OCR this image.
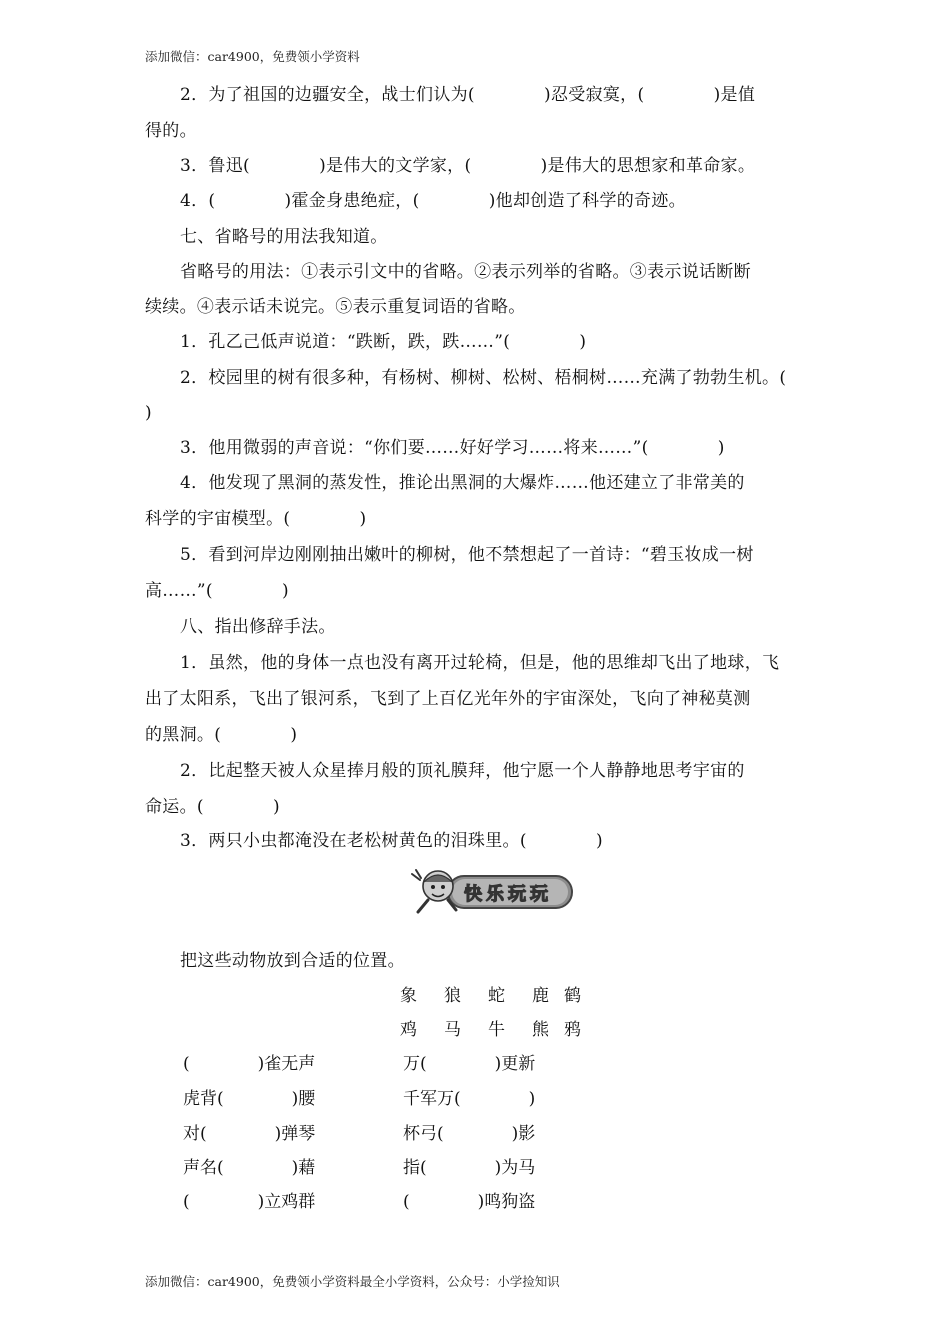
添加微信：car4900，免费领小学资料
2．为了祖国的边疆安全，战士们认为(　　　　)忍受寂寞，(　　　　)是值
得的。
3．鲁迅(　　　　)是伟大的文学家，(　　　　)是伟大的思想家和革命家。
4．(　　　　)霍金身患绝症，(　　　　)他却创造了科学的奇迹。
七、省略号的用法我知道。
省略号的用法：①表示引文中的省略。②表示列举的省略。③表示说话断断
续续。④表示话未说完。⑤表示重复词语的省略。
1．孔乙己低声说道：“跌断，跌，跌……”(　　　　)
2．校园里的树有很多种，有杨树、柳树、松树、梧桐树……充满了勃勃生机。(
)
3．他用微弱的声音说：“你们要……好好学习……将来……”(　　　　)
4．他发现了黑洞的蒸发性，推论出黑洞的大爆炸……他还建立了非常美的
科学的宇宙模型。(　　　　)
5．看到河岸边刚刚抽出嫩叶的柳树，他不禁想起了一首诗：“碧玉妆成一树
高……”(　　　　)
八、指出修辞手法。
1．虽然，他的身体一点也没有离开过轮椅，但是，他的思维却飞出了地球，飞
出了太阳系，飞出了银河系，飞到了上百亿光年外的宇宙深处，飞向了神秘莫测
的黑洞。(　　　　)
2．比起整天被人众星捧月般的顶礼膜拜，他宁愿一个人静静地思考宇宙的
命运。(　　　　)
3．两只小虫都淹没在老松树黄色的泪珠里。(　　　　)
快乐玩玩
把这些动物放到合适的位置。
象 狼 蛇 鹿 鹤
鸡 马 牛 熊 鸦
(　　　　)雀无声
虎背(　　　　)腰
对(　　　　)弹琴
声名(　　　　)藉
(　　　　)立鸡群
万(　　　　)更新
千军万(　　　　)
杯弓(　　　　)影
指(　　　　)为马
(　　　　)鸣狗盗
添加微信：car4900，免费领小学资料最全小学资料，公众号：小学捡知识
